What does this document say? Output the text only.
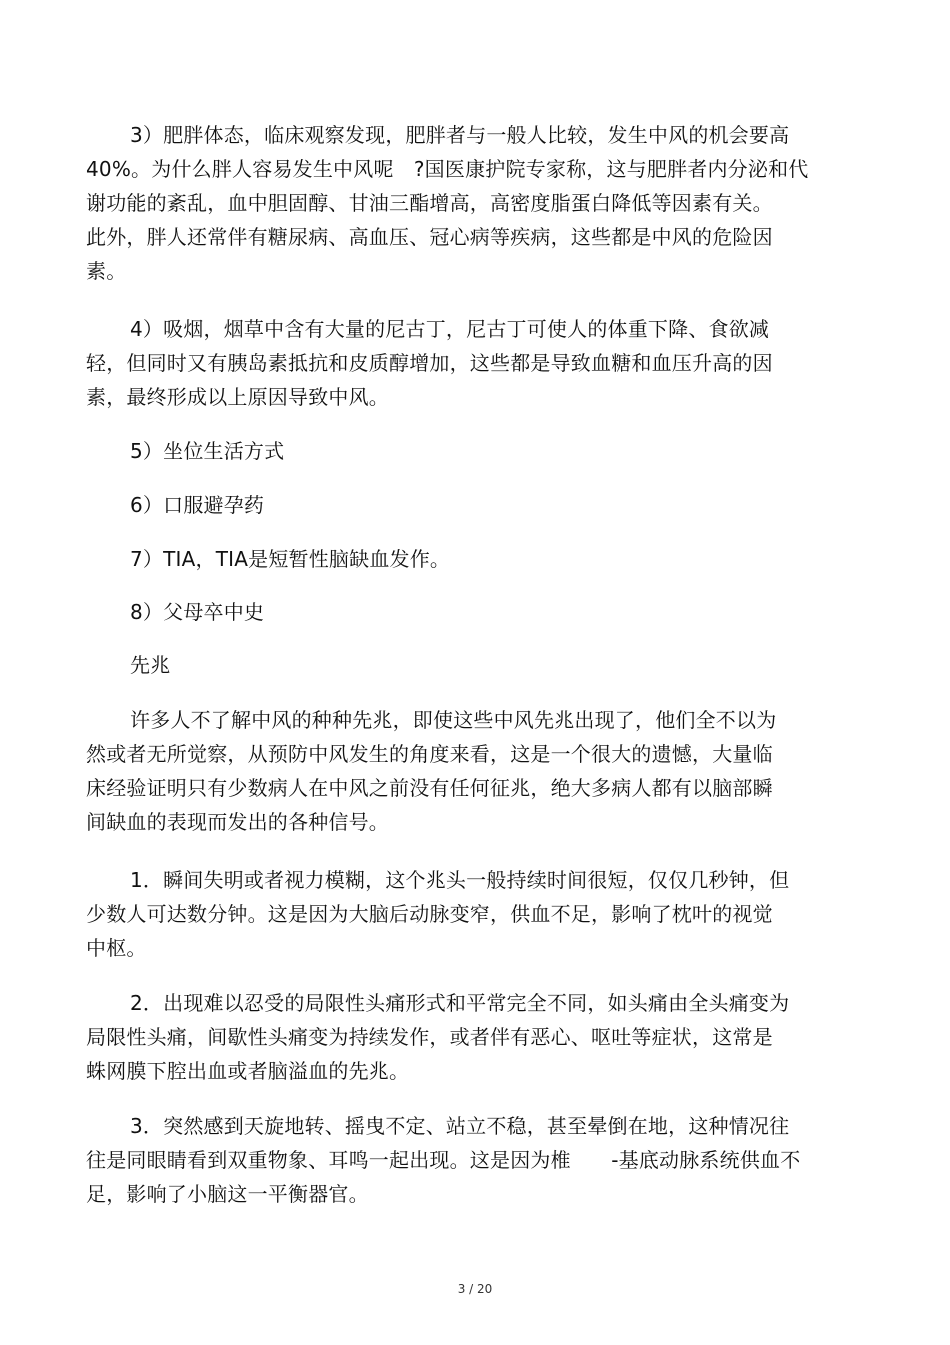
3）肥胖体态，临床观察发现，肥胖者与一般人比较，发生中风的机会要高
40%。为什么胖人容易发生中风呢　?国医康护院专家称，这与肥胖者内分泌和代
谢功能的紊乱，血中胆固醇、甘油三酯增高，高密度脂蛋白降低等因素有关。
此外，胖人还常伴有糖尿病、高血压、冠心病等疾病，这些都是中风的危险因
素。
4）吸烟，烟草中含有大量的尼古丁，尼古丁可使人的体重下降、食欲减
轻，但同时又有胰岛素抵抗和皮质醇增加，这些都是导致血糖和血压升高的因
素，最终形成以上原因导致中风。
5）坐位生活方式
6）口服避孕药
7）TIA，TIA是短暂性脑缺血发作。
8）父母卒中史
先兆
许多人不了解中风的种种先兆，即使这些中风先兆出现了，他们全不以为
然或者无所觉察，从预防中风发生的角度来看，这是一个很大的遗憾，大量临
床经验证明只有少数病人在中风之前没有任何征兆，绝大多病人都有以脑部瞬
间缺血的表现而发出的各种信号。
1．瞬间失明或者视力模糊，这个兆头一般持续时间很短，仅仅几秒钟，但
少数人可达数分钟。这是因为大脑后动脉变窄，供血不足，影响了枕叶的视觉
中枢。
2．出现难以忍受的局限性头痛形式和平常完全不同，如头痛由全头痛变为
局限性头痛，间歇性头痛变为持续发作，或者伴有恶心、呕吐等症状，这常是
蛛网膜下腔出血或者脑溢血的先兆。
3．突然感到天旋地转、摇曳不定、站立不稳，甚至晕倒在地，这种情况往
往是同眼睛看到双重物象、耳鸣一起出现。这是因为椎　　-基底动脉系统供血不
足，影响了小脑这一平衡器官。
3 / 20
